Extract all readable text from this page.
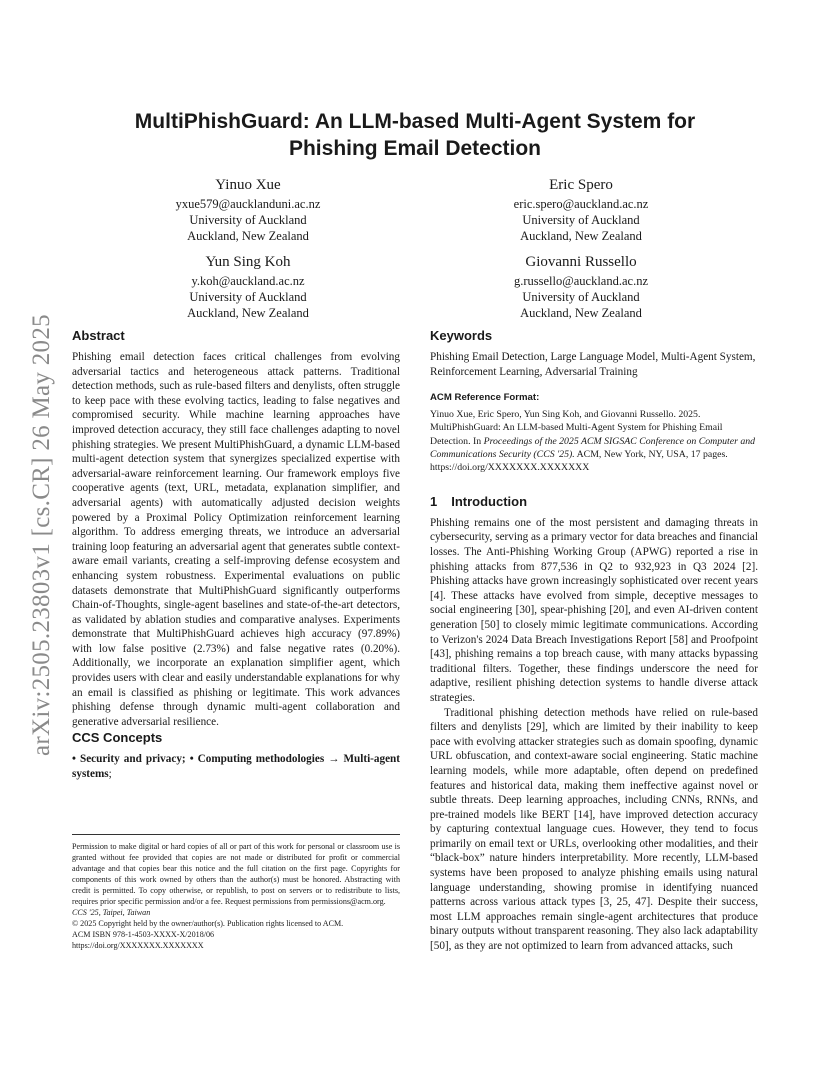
arXiv:2505.23803v1 [cs.CR] 26 May 2025
MultiPhishGuard: An LLM-based Multi-Agent System for
Phishing Email Detection
Yinuo Xue
yxue579@aucklanduni.ac.nz
University of Auckland
Auckland, New Zealand
Eric Spero
eric.spero@auckland.ac.nz
University of Auckland
Auckland, New Zealand
Yun Sing Koh
y.koh@auckland.ac.nz
University of Auckland
Auckland, New Zealand
Giovanni Russello
g.russello@auckland.ac.nz
University of Auckland
Auckland, New Zealand
Abstract

Phishing email detection faces critical challenges from evolving adversarial tactics and heterogeneous attack patterns. Traditional detection methods, such as rule-based filters and denylists, often struggle to keep pace with these evolving tactics, leading to false negatives and compromised security. While machine learning approaches have improved detection accuracy, they still face challenges adapting to novel phishing strategies. We present MultiPhishGuard, a dynamic LLM-based multi-agent detection system that synergizes specialized expertise with adversarial-aware reinforcement learning. Our framework employs five cooperative agents (text, URL, metadata, explanation simplifier, and adversarial agents) with automatically adjusted decision weights powered by a Proximal Policy Optimization reinforcement learning algorithm. To address emerging threats, we introduce an adversarial training loop featuring an adversarial agent that generates subtle context-aware email variants, creating a self-improving defense ecosystem and enhancing system robustness. Experimental evaluations on public datasets demonstrate that MultiPhishGuard significantly outperforms Chain-of-Thoughts, single-agent baselines and state-of-the-art detectors, as validated by ablation studies and comparative analyses. Experiments demonstrate that MultiPhishGuard achieves high accuracy (97.89%) with low false positive (2.73%) and false negative rates (0.20%). Additionally, we incorporate an explanation simplifier agent, which provides users with clear and easily understandable explanations for why an email is classified as phishing or legitimate. This work advances phishing defense through dynamic multi-agent collaboration and generative adversarial resilience.

CCS Concepts

• Security and privacy; • Computing methodologies → Multi-agent systems;

Permission to make digital or hard copies of all or part of this work for personal or classroom use is granted without fee provided that copies are not made or distributed for profit or commercial advantage and that copies bear this notice and the full citation on the first page. Copyrights for components of this work owned by others than the author(s) must be honored. Abstracting with credit is permitted. To copy otherwise, or republish, to post on servers or to redistribute to lists, requires prior specific permission and/or a fee. Request permissions from permissions@acm.org.

CCS '25, Taipei, Taiwan

© 2025 Copyright held by the owner/author(s). Publication rights licensed to ACM.

ACM ISBN 978-1-4503-XXXX-X/2018/06

https://doi.org/XXXXXXX.XXXXXXX

Keywords

Phishing Email Detection, Large Language Model, Multi-Agent System, Reinforcement Learning, Adversarial Training

ACM Reference Format:

Yinuo Xue, Eric Spero, Yun Sing Koh, and Giovanni Russello. 2025. MultiPhishGuard: An LLM-based Multi-Agent System for Phishing Email Detection. In Proceedings of the 2025 ACM SIGSAC Conference on Computer and Communications Security (CCS '25). ACM, New York, NY, USA, 17 pages. https://doi.org/XXXXXXX.XXXXXXX

1 Introduction

Phishing remains one of the most persistent and damaging threats in cybersecurity, serving as a primary vector for data breaches and financial losses. The Anti-Phishing Working Group (APWG) reported a rise in phishing attacks from 877,536 in Q2 to 932,923 in Q3 2024 [2]. Phishing attacks have grown increasingly sophisticated over recent years [4]. These attacks have evolved from simple, deceptive messages to social engineering [30], spear-phishing [20], and even AI-driven content generation [50] to closely mimic legitimate communications. According to Verizon's 2024 Data Breach Investigations Report [58] and Proofpoint [43], phishing remains a top breach cause, with many attacks bypassing traditional filters. Together, these findings underscore the need for adaptive, resilient phishing detection systems to handle diverse attack strategies.

Traditional phishing detection methods have relied on rule-based filters and denylists [29], which are limited by their inability to keep pace with evolving attacker strategies such as domain spoofing, dynamic URL obfuscation, and context-aware social engineering. Static machine learning models, while more adaptable, often depend on predefined features and historical data, making them ineffective against novel or subtle threats. Deep learning approaches, including CNNs, RNNs, and pre-trained models like BERT [14], have improved detection accuracy by capturing contextual language cues. However, they tend to focus primarily on email text or URLs, overlooking other modalities, and their “black-box” nature hinders interpretability. More recently, LLM-based systems have been proposed to analyze phishing emails using natural language understanding, showing promise in identifying nuanced patterns across various attack types [3, 25, 47]. Despite their success, most LLM approaches remain single-agent architectures that produce binary outputs without transparent reasoning. They also lack adaptability [50], as they are not optimized to learn from advanced attacks, such
